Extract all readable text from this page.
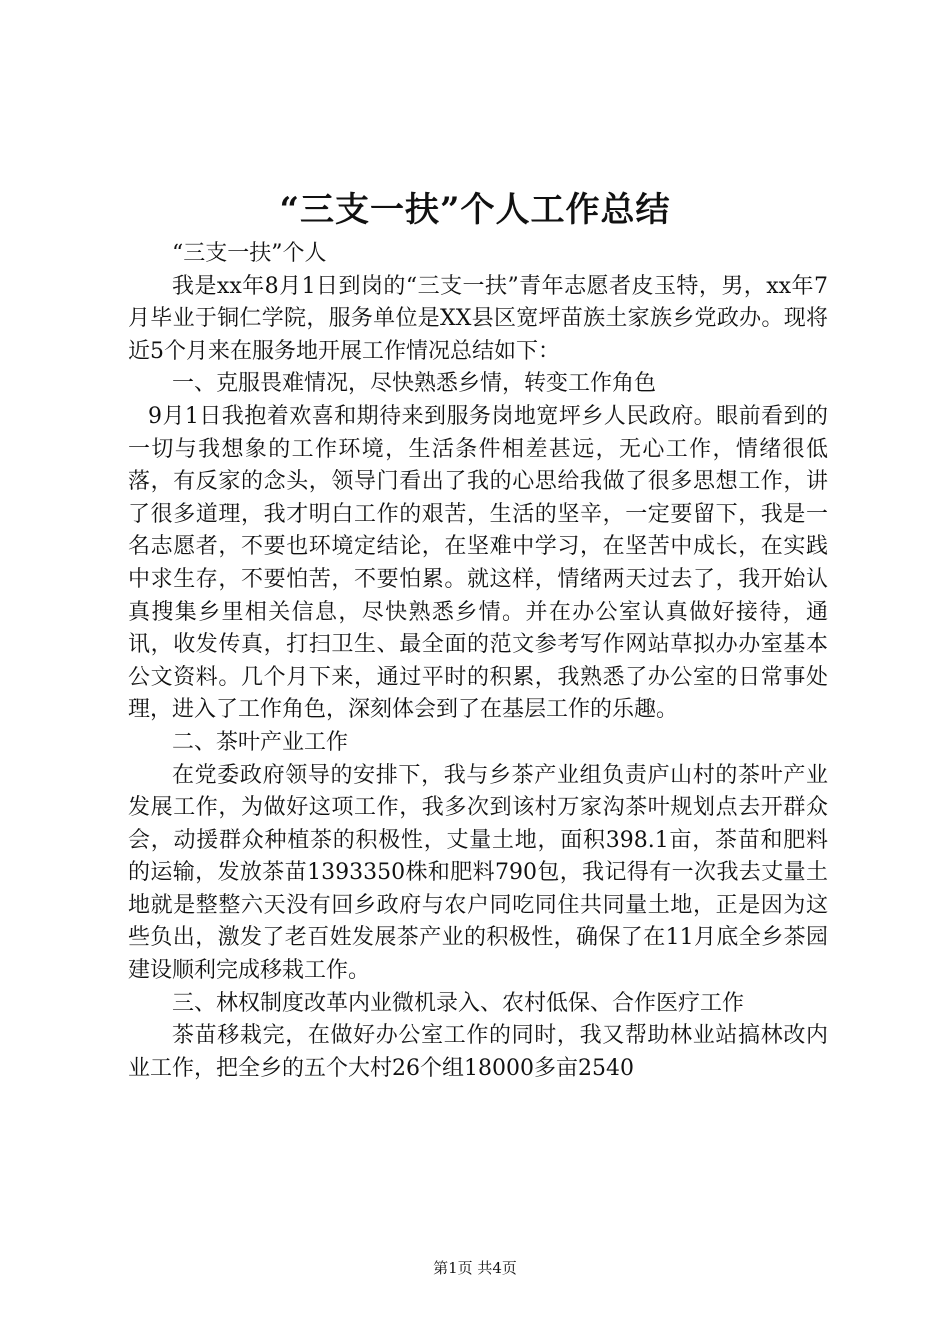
“三支一扶”个人工作总结

“三支一扶”个人

我是xx年8月1日到岗的“三支一扶”青年志愿者皮玉特，男，xx年7月毕业于铜仁学院，服务单位是XX县区宽坪苗族土家族乡党政办。现将近5个月来在服务地开展工作情况总结如下：

一、克服畏难情况，尽快熟悉乡情，转变工作角色

9月1日我抱着欢喜和期待来到服务岗地宽坪乡人民政府。眼前看到的一切与我想象的工作环境，生活条件相差甚远，无心工作，情绪很低落，有反家的念头，领导门看出了我的心思给我做了很多思想工作，讲了很多道理，我才明白工作的艰苦，生活的坚辛，一定要留下，我是一名志愿者，不要也环境定结论，在坚难中学习，在坚苦中成长，在实践中求生存，不要怕苦，不要怕累。就这样，情绪两天过去了，我开始认真搜集乡里相关信息，尽快熟悉乡情。并在办公室认真做好接待，通讯，收发传真，打扫卫生、最全面的范文参考写作网站草拟办办室基本公文资料。几个月下来，通过平时的积累，我熟悉了办公室的日常事处理，进入了工作角色，深刻体会到了在基层工作的乐趣。

二、茶叶产业工作

在党委政府领导的安排下，我与乡茶产业组负责庐山村的茶叶产业发展工作，为做好这项工作，我多次到该村万家沟茶叶规划点去开群众会，动援群众种植茶的积极性，丈量土地，面积398.1亩，茶苗和肥料的运输，发放茶苗1393350株和肥料790包，我记得有一次我去丈量土地就是整整六天没有回乡政府与农户同吃同住共同量土地，正是因为这些负出，激发了老百姓发展茶产业的积极性，确保了在11月底全乡茶园建设顺利完成移栽工作。

三、林权制度改革内业微机录入、农村低保、合作医疗工作

茶苗移栽完，在做好办公室工作的同时，我又帮助林业站搞林改内业工作，把全乡的五个大村26个组18000多亩2540

第1页 共4页
